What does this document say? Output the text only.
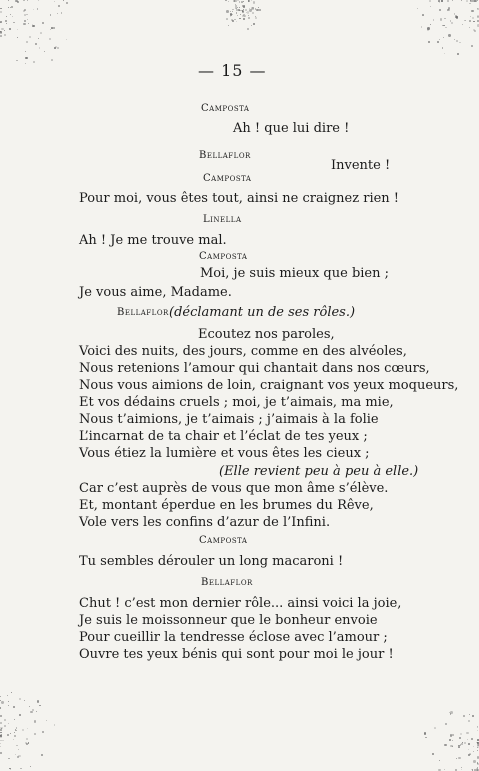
— 15 —
Camposta
Ah ! que lui dire !
Bellaflor
Invente !
Camposta
Pour moi, vous êtes tout, ainsi ne craignez rien !
Linella
Ah ! Je me trouve mal.
Camposta
Moi, je suis mieux que bien ;
Je vous aime, Madame.
Bellaflor (déclamant un de ses rôles.)
Ecoutez nos paroles,
Voici des nuits, des jours, comme en des alvéoles,
Nous retenions l’amour qui chantait dans nos cœurs,
Nous vous aimions de loin, craignant vos yeux moqueurs,
Et vos dédains cruels ; moi, je t’aimais, ma mie,
Nous t’aimions, je t’aimais ; j’aimais à la folie
L’incarnat de ta chair et l’éclat de tes yeux ;
Vous étiez la lumière et vous êtes les cieux ;
(Elle revient peu à peu à elle.)
Car c’est auprès de vous que mon âme s’élève.
Et, montant éperdue en les brumes du Rêve,
Vole vers les confins d’azur de l’Infini.
Camposta
Tu sembles dérouler un long macaroni !
Bellaflor
Chut ! c’est mon dernier rôle... ainsi voici la joie,
Je suis le moissonneur que le bonheur envoie
Pour cueillir la tendresse éclose avec l’amour ;
Ouvre tes yeux bénis qui sont pour moi le jour !
